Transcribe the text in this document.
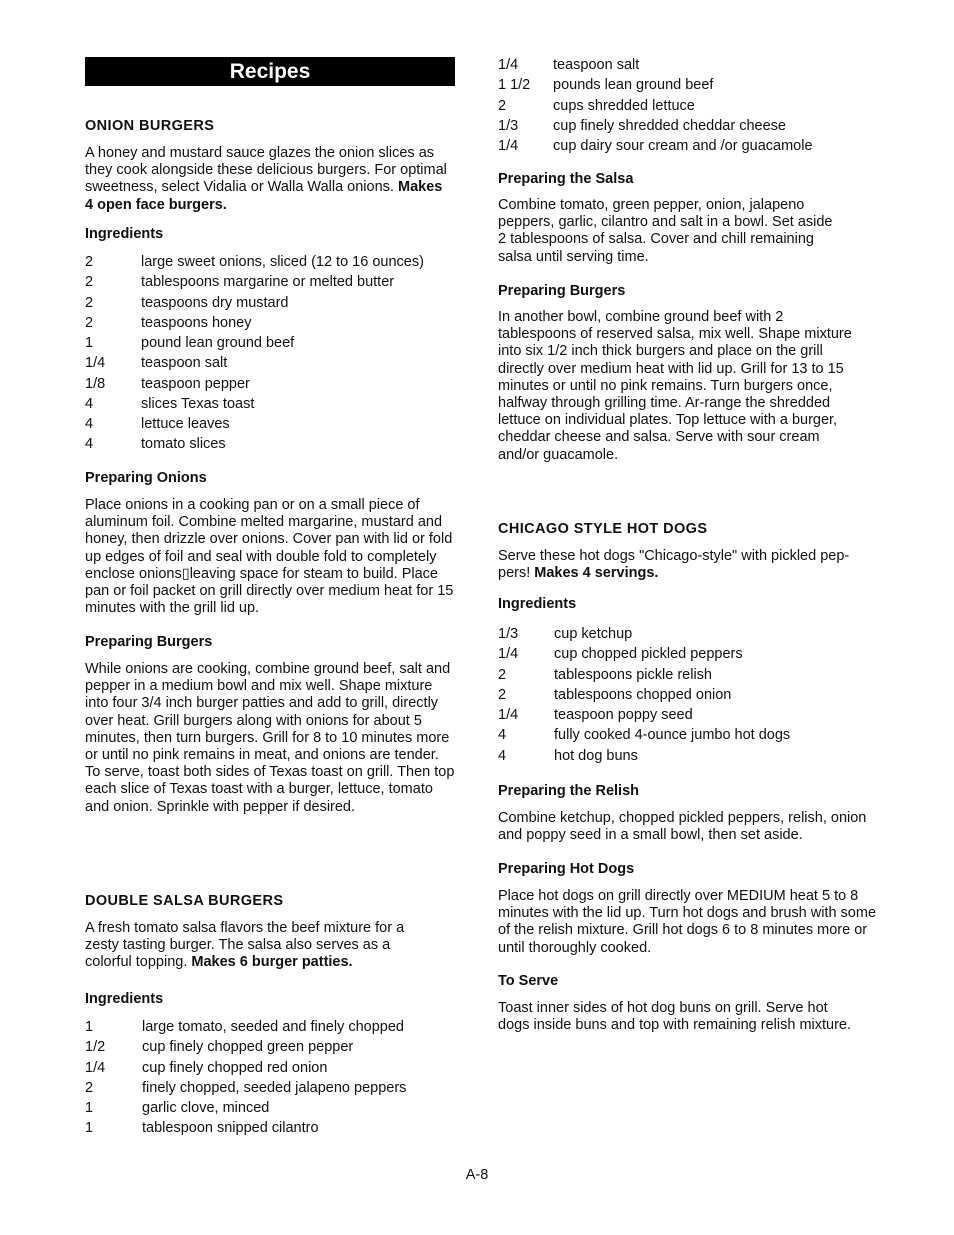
Recipes
ONION BURGERS
A honey and mustard sauce glazes the onion slices as they cook alongside these delicious burgers. For optimal sweetness, select Vidalia or Walla Walla onions. Makes 4 open face burgers.
Ingredients
2	large sweet onions, sliced (12 to 16 ounces)
2	tablespoons margarine or melted butter
2	teaspoons dry mustard
2	teaspoons honey
1	pound lean ground beef
1/4 teaspoon salt
1/8 teaspoon pepper
4	slices Texas toast
4	lettuce leaves
4	tomato slices
Preparing Onions
Place onions in a cooking pan or on a small piece of aluminum foil. Combine melted margarine, mustard and honey, then drizzle over onions. Cover pan with lid or fold up edges of foil and seal with double fold to completely enclose onions▯leaving space for steam to build. Place pan or foil packet on grill directly over medium heat for 15 minutes with the grill lid up.
Preparing Burgers
While onions are cooking, combine ground beef, salt and pepper in a medium bowl and mix well. Shape mixture into four 3/4 inch burger patties and add to grill, directly over heat. Grill burgers along with onions for about 5 minutes, then turn burgers. Grill for 8 to 10 minutes more or until no pink remains in meat, and onions are tender. To serve, toast both sides of Texas toast on grill. Then top each slice of Texas toast with a burger, lettuce, tomato and onion. Sprinkle with pepper if desired.
DOUBLE SALSA BURGERS
A fresh tomato salsa flavors the beef mixture for a zesty tasting burger. The salsa also serves as a colorful topping. Makes 6 burger patties.
Ingredients
1	large tomato, seeded and finely chopped
1/2	cup finely chopped green pepper
1/4	cup finely chopped red onion
2	finely chopped, seeded jalapeno peppers
1	garlic clove, minced
1	tablespoon snipped cilantro
1/4 teaspoon salt
1 1/2 pounds lean ground beef
2	cups shredded lettuce
1/3 cup finely shredded cheddar cheese
1/4 cup dairy sour cream and /or guacamole
Preparing the Salsa
Combine tomato, green pepper, onion, jalapeno peppers, garlic, cilantro and salt in a bowl. Set aside 2 tablespoons of salsa. Cover and chill remaining salsa until serving time.
Preparing Burgers
In another bowl, combine ground beef with 2 tablespoons of reserved salsa, mix well. Shape mixture into six 1/2 inch thick burgers and place on the grill directly over medium heat with lid up. Grill for 13 to 15 minutes or until no pink remains. Turn burgers once, halfway through grilling time. Ar-range the shredded lettuce on individual plates. Top lettuce with a burger, cheddar cheese and salsa. Serve with sour cream and/or guacamole.
CHICAGO STYLE HOT DOGS
Serve these hot dogs "Chicago-style" with pickled pep-pers! Makes 4 servings.
Ingredients
1/3 cup ketchup
1/4 cup chopped pickled peppers
2	tablespoons pickle relish
2	tablespoons chopped onion
1/4 teaspoon poppy seed
4	fully cooked 4-ounce jumbo hot dogs
4	hot dog buns
Preparing the Relish
Combine ketchup, chopped pickled peppers, relish, onion and poppy seed in a small bowl, then set aside.
Preparing Hot Dogs
Place hot dogs on grill directly over MEDIUM heat 5 to 8 minutes with the lid up. Turn hot dogs and brush with some of the relish mixture. Grill hot dogs 6 to 8 minutes more or until thoroughly cooked.
To Serve
Toast inner sides of hot dog buns on grill. Serve hot dogs inside buns and top with remaining relish mixture.
A-8
